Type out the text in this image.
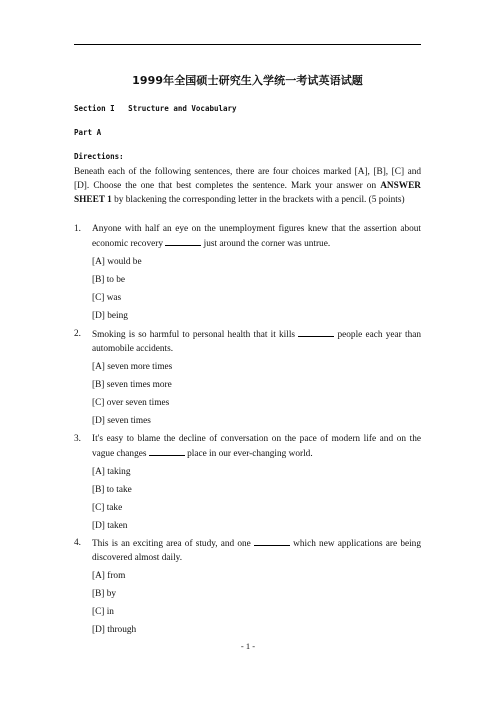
1999年全国硕士研究生入学统一考试英语试题
Section I   Structure and Vocabulary
Part A
Directions:
Beneath each of the following sentences, there are four choices marked [A], [B], [C] and [D]. Choose the one that best completes the sentence. Mark your answer on ANSWER SHEET 1 by blackening the corresponding letter in the brackets with a pencil. (5 points)
1. Anyone with half an eye on the unemployment figures knew that the assertion about economic recovery	just around the corner was untrue.
[A] would be
[B] to be
[C] was
[D] being
2. Smoking is so harmful to personal health that it kills	people each year than automobile accidents.
[A] seven more times
[B] seven times more
[C] over seven times
[D] seven times
3. It's easy to blame the decline of conversation on the pace of modern life and on the vague changes	place in our ever-changing world.
[A] taking
[B] to take
[C] take
[D] taken
4. This is an exciting area of study, and one	which new applications are being discovered almost daily.
[A] from
[B] by
[C] in
[D] through
- 1 -
